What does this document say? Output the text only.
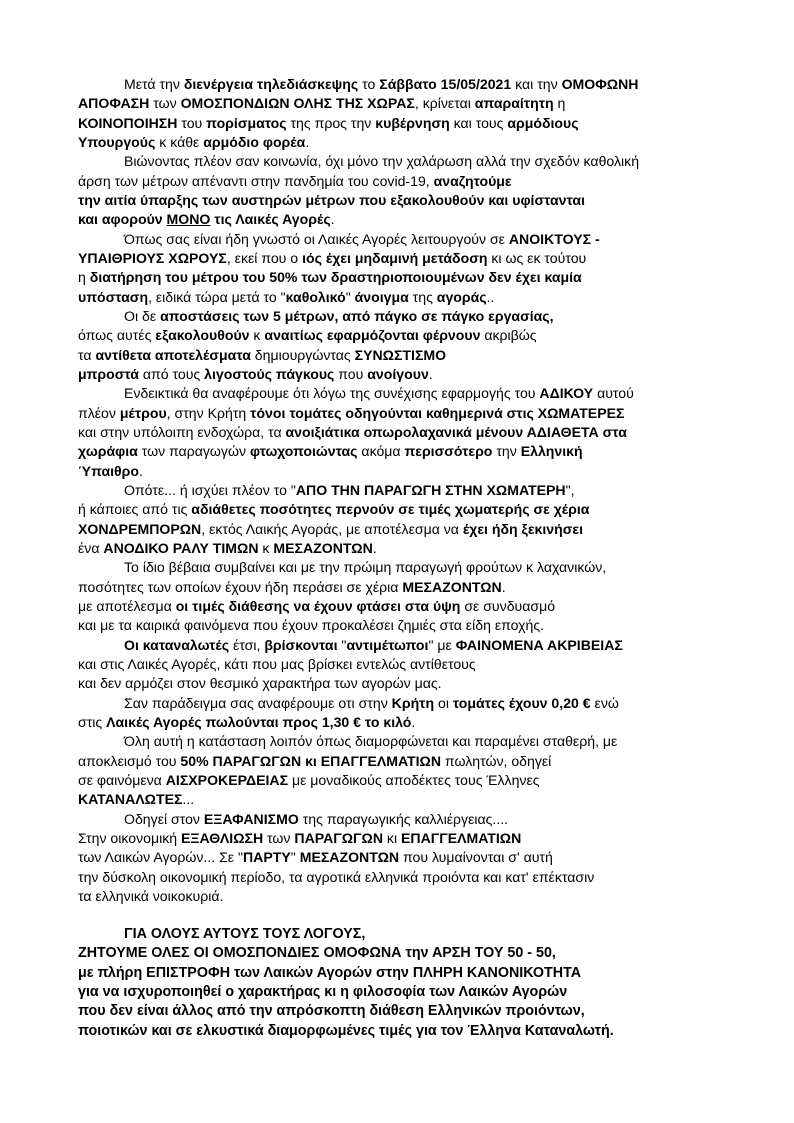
Μετά την διενέργεια τηλεδιάσκεψης το Σάββατο 15/05/2021 και την ΟΜΟΦΩΝΗ
ΑΠΟΦΑΣΗ των ΟΜΟΣΠΟΝΔΙΩΝ ΟΛΗΣ ΤΗΣ ΧΩΡΑΣ, κρίνεται απαραίτητη η
ΚΟΙΝΟΠΟΙΗΣΗ του πορίσματος της προς την κυβέρνηση και τους αρμόδιους
Υπουργούς κ κάθε αρμόδιο φορέα.
Βιώνοντας πλέον σαν κοινωνία, όχι μόνο την χαλάρωση αλλά την σχεδόν καθολική
άρση των μέτρων απέναντι στην πανδημία του covid-19, αναζητούμε
την αιτία ύπαρξης των αυστηρών μέτρων που εξακολουθούν και υφίστανται
και αφορούν ΜΟΝΟ τις Λαικές Αγορές.
Όπως σας είναι ήδη γνωστό οι Λαικές Αγορές λειτουργούν σε ΑΝΟΙΚΤΟΥΣ -
ΥΠΑΙΘΡΙΟΥΣ ΧΩΡΟΥΣ, εκεί που ο ιός έχει μηδαμινή μετάδοση κι ως εκ τούτου
η διατήρηση του μέτρου του 50% των δραστηριοποιουμένων δεν έχει καμία
υπόσταση, ειδικά τώρα μετά το "καθολικό" άνοιγμα της αγοράς..
Οι δε αποστάσεις των 5 μέτρων, από πάγκο σε πάγκο εργασίας,
όπως αυτές εξακολουθούν κ αναιτίως εφαρμόζονται φέρνουν ακριβώς
τα αντίθετα αποτελέσματα δημιουργώντας ΣΥΝΩΣΤΙΣΜΟ
μπροστά από τους λιγοστούς πάγκους που ανοίγουν.
Ενδεικτικά θα αναφέρουμε ότι λόγω της συνέχισης εφαρμογής του ΑΔΙΚΟΥ αυτού
πλέον μέτρου, στην Κρήτη τόνοι τομάτες οδηγούνται καθημερινά στις ΧΩΜΑΤΕΡΕΣ
και στην υπόλοιπη ενδοχώρα, τα ανοιξιάτικα οπωρολαχανικά μένουν ΑΔΙΑΘΕΤΑ στα
χωράφια των παραγωγών φτωχοποιώντας ακόμα περισσότερο την Ελληνική
Ύπαιθρο.
Οπότε... ή ισχύει πλέον το "ΑΠΟ ΤΗΝ ΠΑΡΑΓΩΓΗ ΣΤΗΝ ΧΩΜΑΤΕΡΗ",
ή κάποιες από τις αδιάθετες ποσότητες περνούν σε τιμές χωματερής σε χέρια
ΧΟΝΔΡΕΜΠΟΡΩΝ, εκτός Λαικής Αγοράς, με αποτέλεσμα να έχει ήδη ξεκινήσει
ένα ΑΝΟΔΙΚΟ ΡΑΛΥ ΤΙΜΩΝ κ ΜΕΣΑΖΟΝΤΩΝ.
Το ίδιο βέβαια συμβαίνει και με την πρώιμη παραγωγή φρούτων κ λαχανικών,
ποσότητες των οποίων έχουν ήδη περάσει σε χέρια ΜΕΣΑΖΟΝΤΩΝ.
με αποτέλεσμα οι τιμές διάθεσης να έχουν φτάσει στα ύψη σε συνδυασμό
και με τα καιρικά φαινόμενα που έχουν προκαλέσει ζημιές στα είδη εποχής.
Οι καταναλωτές έτσι, βρίσκονται "αντιμέτωποι" με ΦΑΙΝΟΜΕΝΑ ΑΚΡΙΒΕΙΑΣ
και στις Λαικές Αγορές, κάτι που μας βρίσκει εντελώς αντίθετους
και δεν αρμόζει στον θεσμικό χαρακτήρα των αγορών μας.
Σαν παράδειγμα σας αναφέρουμε οτι στην Κρήτη οι τομάτες έχουν 0,20 € ενώ
στις Λαικές Αγορές πωλούνται προς 1,30 € το κιλό.
Όλη αυτή η κατάσταση λοιπόν όπως διαμορφώνεται και παραμένει σταθερή, με
αποκλεισμό του 50% ΠΑΡΑΓΩΓΩΝ κι ΕΠΑΓΓΕΛΜΑΤΙΩΝ πωλητών, οδηγεί
σε φαινόμενα ΑΙΣΧΡΟΚΕΡΔΕΙΑΣ με μοναδικούς αποδέκτες τους Έλληνες
ΚΑΤΑΝΑΛΩΤΕΣ...
Οδηγεί στον ΕΞΑΦΑΝΙΣΜΟ της παραγωγικής καλλιέργειας....
Στην οικονομική ΕΞΑΘΛΙΩΣΗ των ΠΑΡΑΓΩΓΩΝ κι ΕΠΑΓΓΕΛΜΑΤΙΩΝ
των Λαικών Αγορών... Σε "ΠΑΡΤΥ" ΜΕΣΑΖΟΝΤΩΝ που λυμαίνονται σ' αυτή
την δύσκολη οικονομική περίοδο, τα αγροτικά ελληνικά προιόντα και κατ' επέκτασιν
τα ελληνικά νοικοκυριά.
ΓΙΑ ΟΛΟΥΣ ΑΥΤΟΥΣ ΤΟΥΣ ΛΟΓΟΥΣ,
ΖΗΤΟΥΜΕ ΟΛΕΣ ΟΙ ΟΜΟΣΠΟΝΔΙΕΣ ΟΜΟΦΩΝΑ την ΑΡΣΗ ΤΟΥ 50 - 50,
με πλήρη ΕΠΙΣΤΡΟΦΗ των Λαικών Αγορών στην ΠΛΗΡΗ ΚΑΝΟΝΙΚΟΤΗΤΑ
για να ισχυροποιηθεί ο χαρακτήρας κι η φιλοσοφία των Λαικών Αγορών
που δεν είναι άλλος από την απρόσκοπτη διάθεση Ελληνικών προιόντων,
ποιοτικών και σε ελκυστικά διαμορφωμένες τιμές για τον Έλληνα Καταναλωτή.
